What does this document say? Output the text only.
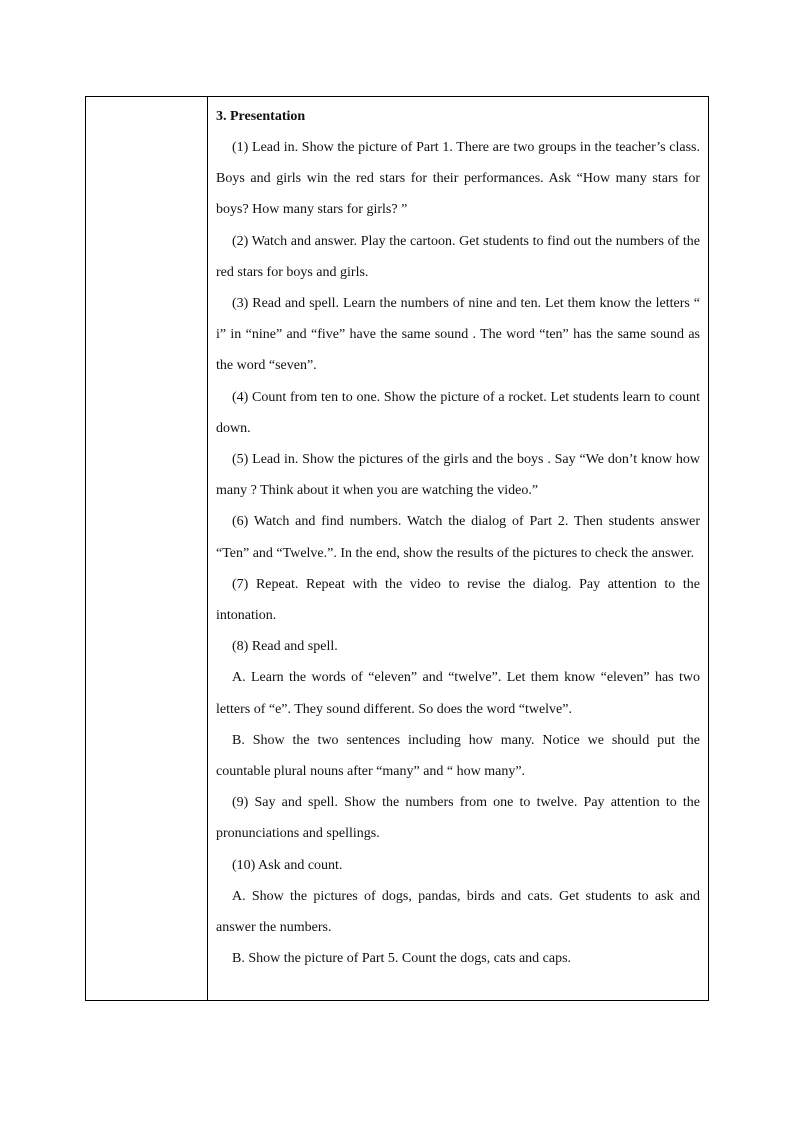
3. Presentation

(1) Lead in. Show the picture of Part 1. There are two groups in the teacher’s class. Boys and girls win the red stars for their performances. Ask “How many stars for boys? How many stars for girls? ”

(2) Watch and answer. Play the cartoon. Get students to find out the numbers of the red stars for boys and girls.

(3) Read and spell. Learn the numbers of nine and ten. Let them know the letters “ i” in “nine” and “five” have the same sound . The word “ten” has the same sound as the word “seven”.

(4) Count from ten to one. Show the picture of a rocket. Let students learn to count down.

(5) Lead in. Show the pictures of the girls and the boys . Say “We don’t know how many ? Think about it when you are watching the video.”

(6) Watch and find numbers. Watch the dialog of Part 2. Then students answer “Ten” and “Twelve.”. In the end, show the results of the pictures to check the answer.

(7) Repeat. Repeat with the video to revise the dialog. Pay attention to the intonation.

(8) Read and spell.

A. Learn the words of “eleven” and “twelve”. Let them know “eleven” has two letters of “e”. They sound different. So does the word “twelve”.

B. Show the two sentences including how many. Notice we should put the countable plural nouns after “many” and “ how many”.

(9) Say and spell. Show the numbers from one to twelve. Pay attention to the pronunciations and spellings.

(10) Ask and count.

A. Show the pictures of dogs, pandas, birds and cats. Get students to ask and answer the numbers.

B. Show the picture of Part 5. Count the dogs, cats and caps.
